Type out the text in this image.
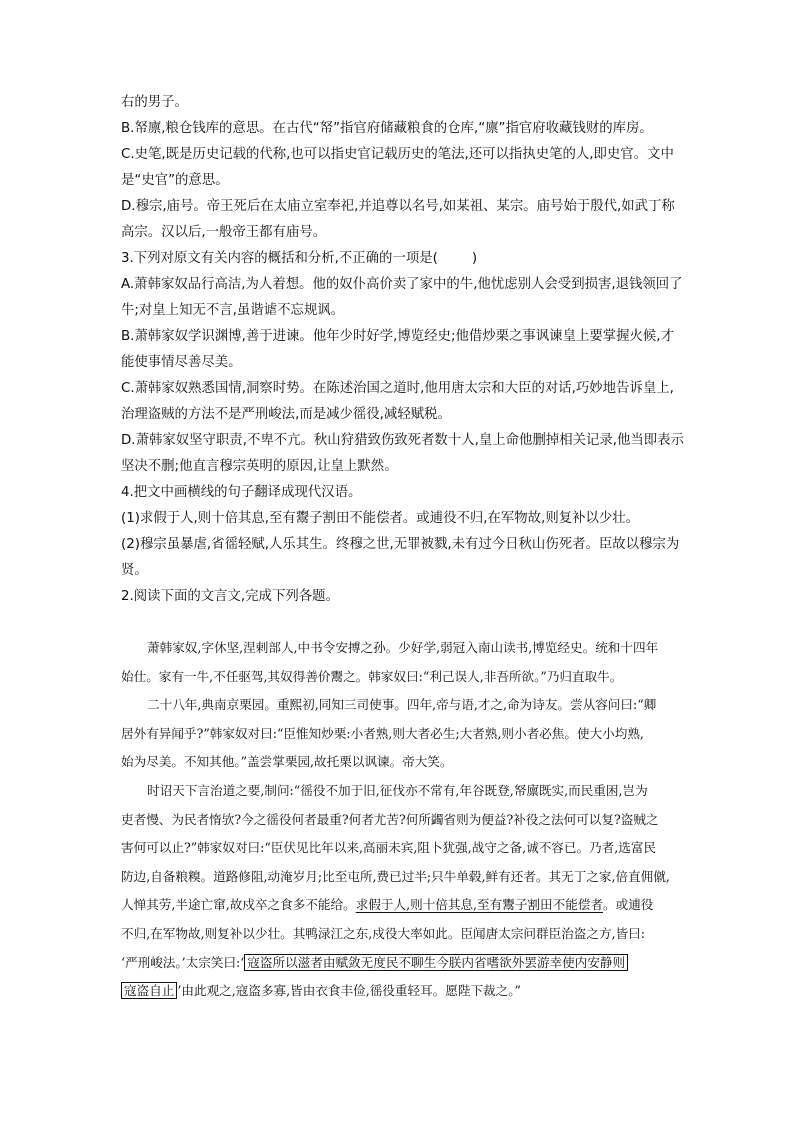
右的男子。

B.帑廪,粮仓钱库的意思。在古代“帑”指官府储藏粮食的仓库,“廪”指官府收藏钱财的库房。

C.史笔,既是历史记载的代称,也可以指史官记载历史的笔法,还可以指执史笔的人,即史官。文中

是“史官”的意思。

D.穆宗,庙号。帝王死后在太庙立室奉祀,并追尊以名号,如某祖、某宗。庙号始于殷代,如武丁称

高宗。汉以后,一般帝王都有庙号。

3.下列对原文有关内容的概括和分析,不正确的一项是(	)

A.萧韩家奴品行高洁,为人着想。他的奴仆高价卖了家中的牛,他忧虑别人会受到损害,退钱领回了

牛;对皇上知无不言,虽谐谑不忘规讽。

B.萧韩家奴学识渊博,善于进谏。他年少时好学,博览经史;他借炒栗之事讽谏皇上要掌握火候,才

能使事情尽善尽美。

C.萧韩家奴熟悉国情,洞察时势。在陈述治国之道时,他用唐太宗和大臣的对话,巧妙地告诉皇上,

治理盗贼的方法不是严刑峻法,而是减少徭役,减轻赋税。

D.萧韩家奴坚守职责,不卑不亢。秋山狩猎致伤致死者数十人,皇上命他删掉相关记录,他当即表示

坚决不删;他直言穆宗英明的原因,让皇上默然。

4.把文中画横线的句子翻译成现代汉语。

(1)求假于人,则十倍其息,至有鬻子割田不能偿者。或逋役不归,在军物故,则复补以少壮。

(2)穆宗虽暴虐,省徭轻赋,人乐其生。终穆之世,无罪被戮,未有过今日秋山伤死者。臣故以穆宗为

贤。

2.阅读下面的文言文,完成下列各题。

萧韩家奴,字休坚,涅剌部人,中书令安搏之孙。少好学,弱冠入南山读书,博览经史。统和十四年

始仕。家有一牛,不任驱驾,其奴得善价鬻之。韩家奴曰:“利己误人,非吾所欲。”乃归直取牛。

二十八年,典南京栗园。重熙初,同知三司使事。四年,帝与语,才之,命为诗友。尝从容问曰:“卿

居外有异闻乎?”韩家奴对曰:“臣惟知炒栗:小者熟,则大者必生;大者熟,则小者必焦。使大小均熟,

始为尽美。不知其他。”盖尝掌栗园,故托栗以讽谏。帝大笑。

时诏天下言治道之要,制问:“徭役不加于旧,征伐亦不常有,年谷既登,帑廪既实,而民重困,岂为

吏者慢、为民者惰欤?今之徭役何者最重?何者尤苦?何所蠲省则为便益?补役之法何可以复?盗贼之

害何可以止?”韩家奴对曰:“臣伏见比年以来,高丽未宾,阻卜犹强,战守之备,诚不容已。乃者,选富民

防边,自备粮糗。道路修阻,动淹岁月;比至屯所,费已过半;只牛单毂,鲜有还者。其无丁之家,倍直佣僦,

人惮其劳,半途亡窜,故戍卒之食多不能给。求假于人,则十倍其息,至有鬻子割田不能偿者。或逋役

不归,在军物故,则复补以少壮。其鸭渌江之东,戍役大率如此。臣闻唐太宗问群臣治盗之方,皆曰:

‘严刑峻法。’太宗笑曰:‘ 寇盗所以滋者由赋敛无度民不聊生今朕内省嗜欲外罢游幸使内安静则

寇盗自止 ’由此观之,寇盗多寡,皆由衣食丰俭,徭役重轻耳。愿陛下裁之。”
